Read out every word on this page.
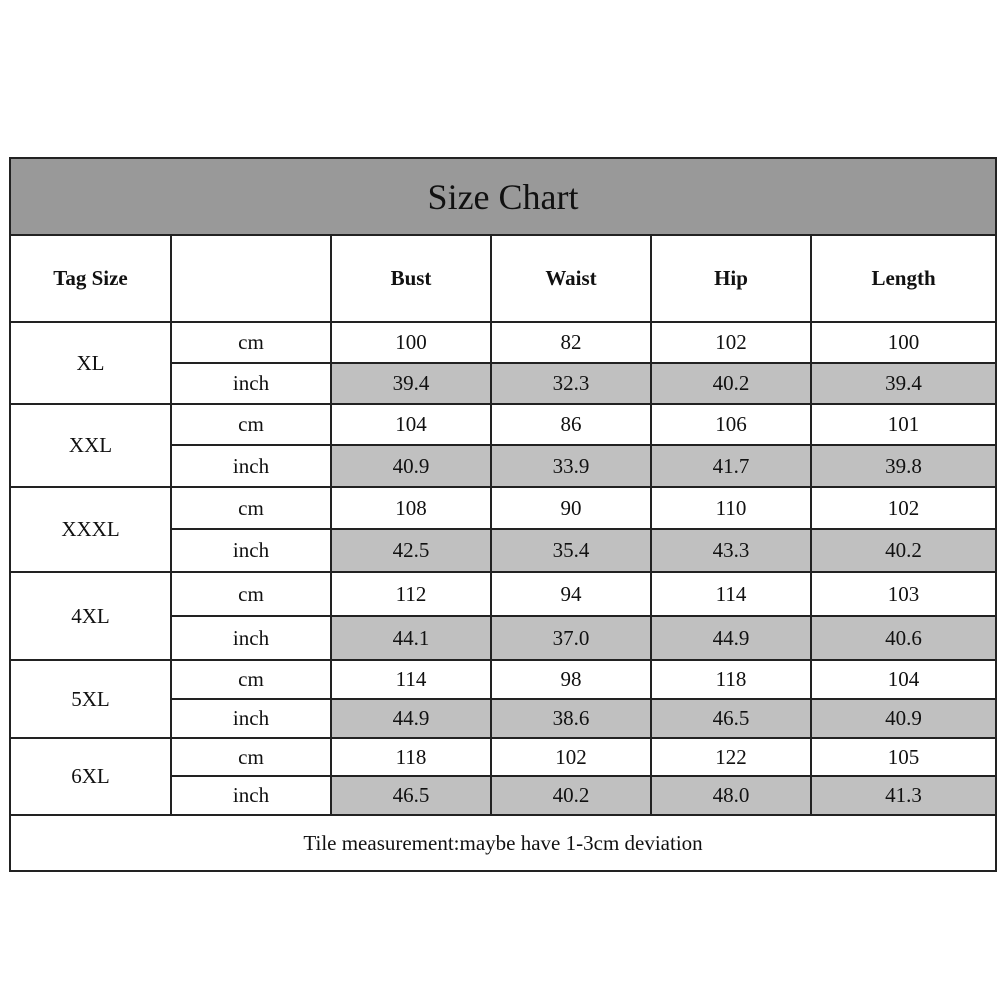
Size Chart					
Tag Size		Bust	Waist	Hip	Length
XL	cm	100	82	102	100
	inch	39.4	32.3	40.2	39.4
XXL	cm	104	86	106	101
	inch	40.9	33.9	41.7	39.8
XXXL	cm	108	90	110	102
	inch	42.5	35.4	43.3	40.2
4XL	cm	112	94	114	103
	inch	44.1	37.0	44.9	40.6
5XL	cm	114	98	118	104
	inch	44.9	38.6	46.5	40.9
6XL	cm	118	102	122	105
	inch	46.5	40.2	48.0	41.3
Tile measurement:maybe have 1-3cm deviation					
